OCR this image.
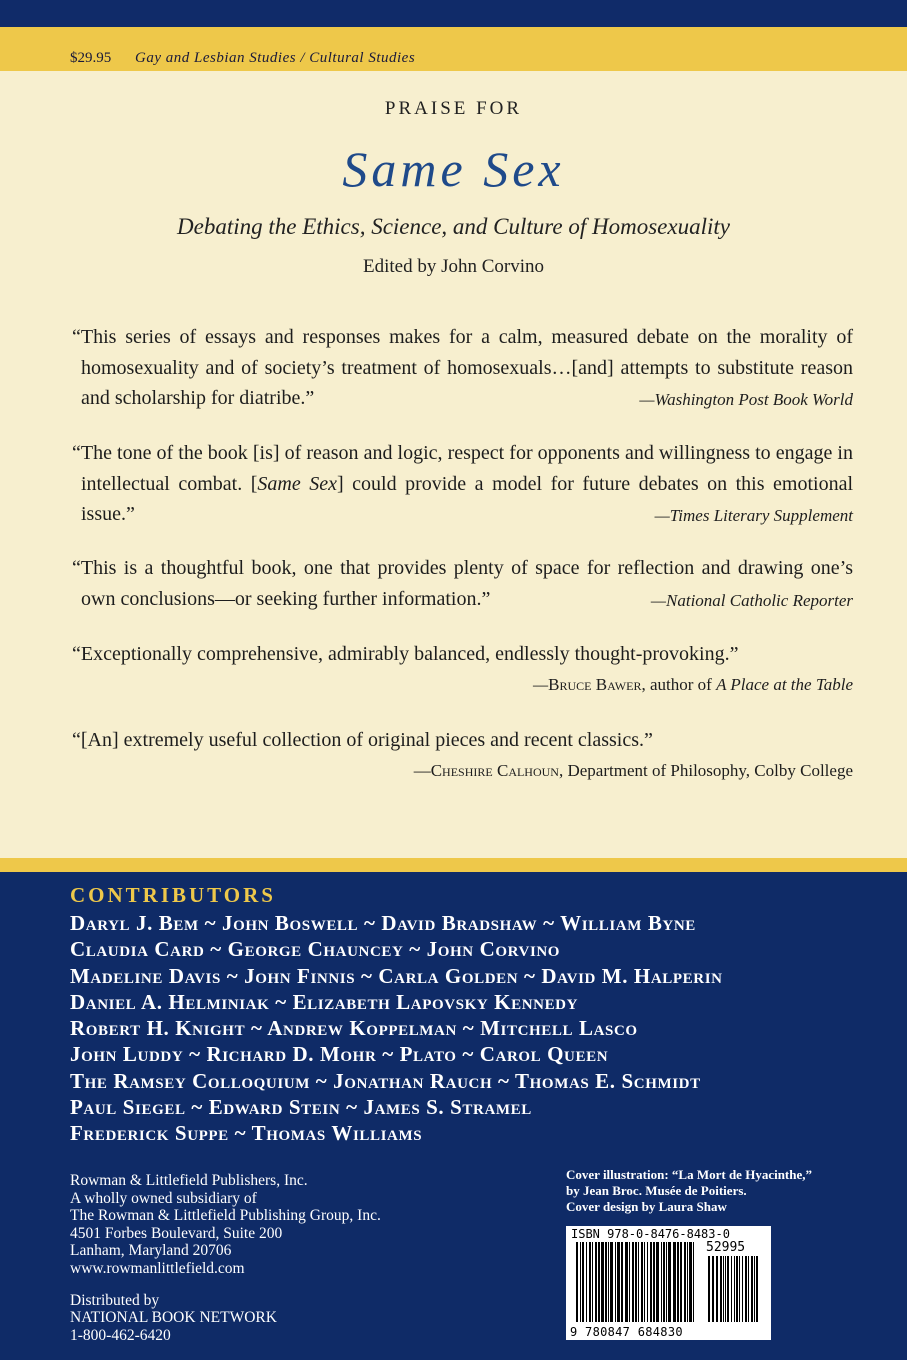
$29.95 Gay and Lesbian Studies / Cultural Studies
PRAISE FOR
Same Sex
Debating the Ethics, Science, and Culture of Homosexuality
Edited by John Corvino
“This series of essays and responses makes for a calm, measured debate on the morality of homosexuality and of society’s treatment of homosexuals…[and] attempts to substitute reason and scholarship for diatribe.”	—Washington Post Book World
“The tone of the book [is] of reason and logic, respect for opponents and willingness to engage in intellectual combat. [Same Sex] could provide a model for future debates on this emotional issue.”	—Times Literary Supplement
“This is a thoughtful book, one that provides plenty of space for reflection and drawing one’s own conclusions—or seeking further information.”	—National Catholic Reporter
“Exceptionally comprehensive, admirably balanced, endlessly thought-provoking.”
—Bruce Bawer, author of A Place at the Table
“[An] extremely useful collection of original pieces and recent classics.”
—Cheshire Calhoun, Department of Philosophy, Colby College
CONTRIBUTORS
Daryl J. Bem ~ John Boswell ~ David Bradshaw ~ William Byne
Claudia Card ~ George Chauncey ~ John Corvino
Madeline Davis ~ John Finnis ~ Carla Golden ~ David M. Halperin
Daniel A. Helminiak ~ Elizabeth Lapovsky Kennedy
Robert H. Knight ~ Andrew Koppelman ~ Mitchell Lasco
John Luddy ~ Richard D. Mohr ~ Plato ~ Carol Queen
The Ramsey Colloquium ~ Jonathan Rauch ~ Thomas E. Schmidt
Paul Siegel ~ Edward Stein ~ James S. Stramel
Frederick Suppe ~ Thomas Williams
Rowman & Littlefield Publishers, Inc.
A wholly owned subsidiary of
The Rowman & Littlefield Publishing Group, Inc.
4501 Forbes Boulevard, Suite 200
Lanham, Maryland 20706
www.rowmanlittlefield.com
Distributed by
NATIONAL BOOK NETWORK
1-800-462-6420
Cover illustration: “La Mort de Hyacinthe,”
by Jean Broc. Musée de Poitiers.
Cover design by Laura Shaw
ISBN 978-0-8476-8483-0
52995
9 780847 684830
